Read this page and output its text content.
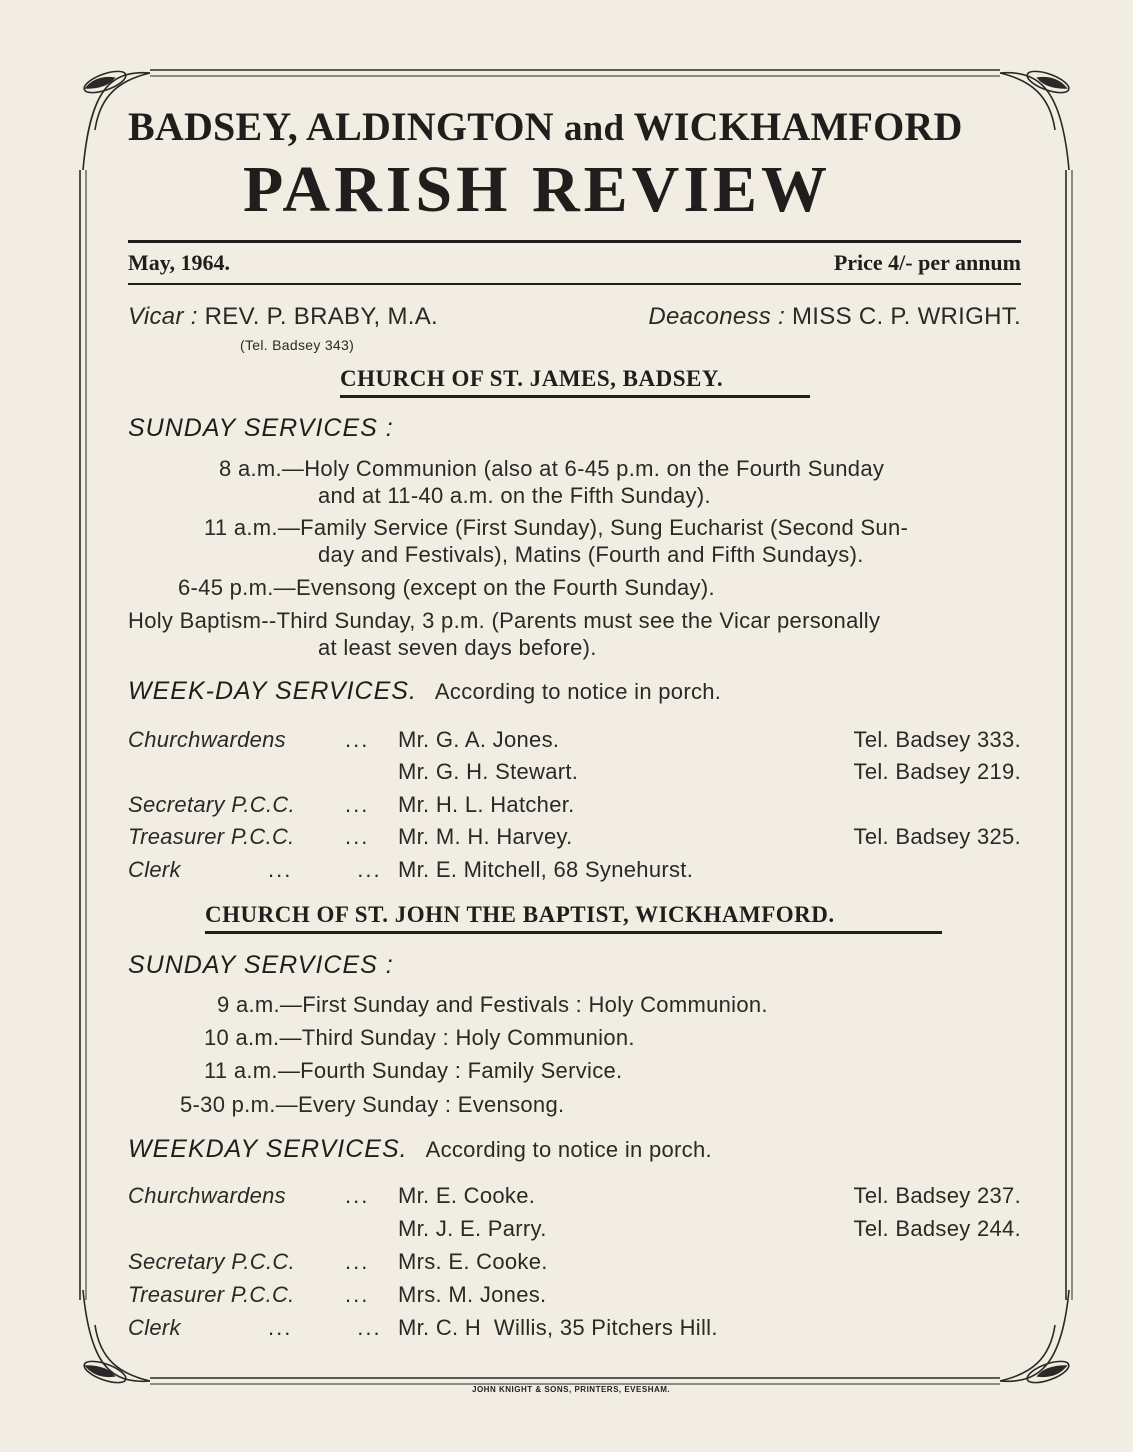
BADSEY, ALDINGTON and WICKHAMFORD
PARISH REVIEW
May, 1964.	Price 4/- per annum
Vicar : REV. P. BRABY, M.A.
(Tel. Badsey 343)
Deaconess : MISS C. P. WRIGHT.
CHURCH OF ST. JAMES, BADSEY.
SUNDAY SERVICES :
8 a.m.—Holy Communion (also at 6-45 p.m. on the Fourth Sunday
and at 11-40 a.m. on the Fifth Sunday).
11 a.m.—Family Service (First Sunday), Sung Eucharist (Second Sun-
day and Festivals), Matins (Fourth and Fifth Sundays).
6-45 p.m.—Evensong (except on the Fourth Sunday).
Holy Baptism--Third Sunday, 3 p.m. (Parents must see the Vicar personally
at least seven days before).
WEEK-DAY SERVICES. According to notice in porch.
Churchwardens	... Mr. G. A. Jones.	Tel. Badsey 333.
Mr. G. H. Stewart.	Tel. Badsey 219.
Secretary P.C.C. ... Mr. H. L. Hatcher.
Treasurer P.C.C. ... Mr. M. H. Harvey.	Tel. Badsey 325.
Clerk	...        ... Mr. E. Mitchell, 68 Synehurst.
CHURCH OF ST. JOHN THE BAPTIST, WICKHAMFORD.
SUNDAY SERVICES :
9 a.m.—First Sunday and Festivals : Holy Communion.
10 a.m.—Third Sunday : Holy Communion.
11 a.m.—Fourth Sunday : Family Service.
5-30 p.m.—Every Sunday : Evensong.
WEEKDAY SERVICES. According to notice in porch.
Churchwardens	... Mr. E. Cooke.	Tel. Badsey 237.
Mr. J. E. Parry.	Tel. Badsey 244.
Secretary P.C.C. ... Mrs. E. Cooke.
Treasurer P.C.C. ... Mrs. M. Jones.
Clerk	...        ... Mr. C. H  Willis, 35 Pitchers Hill.
JOHN KNIGHT & SONS, PRINTERS, EVESHAM.
